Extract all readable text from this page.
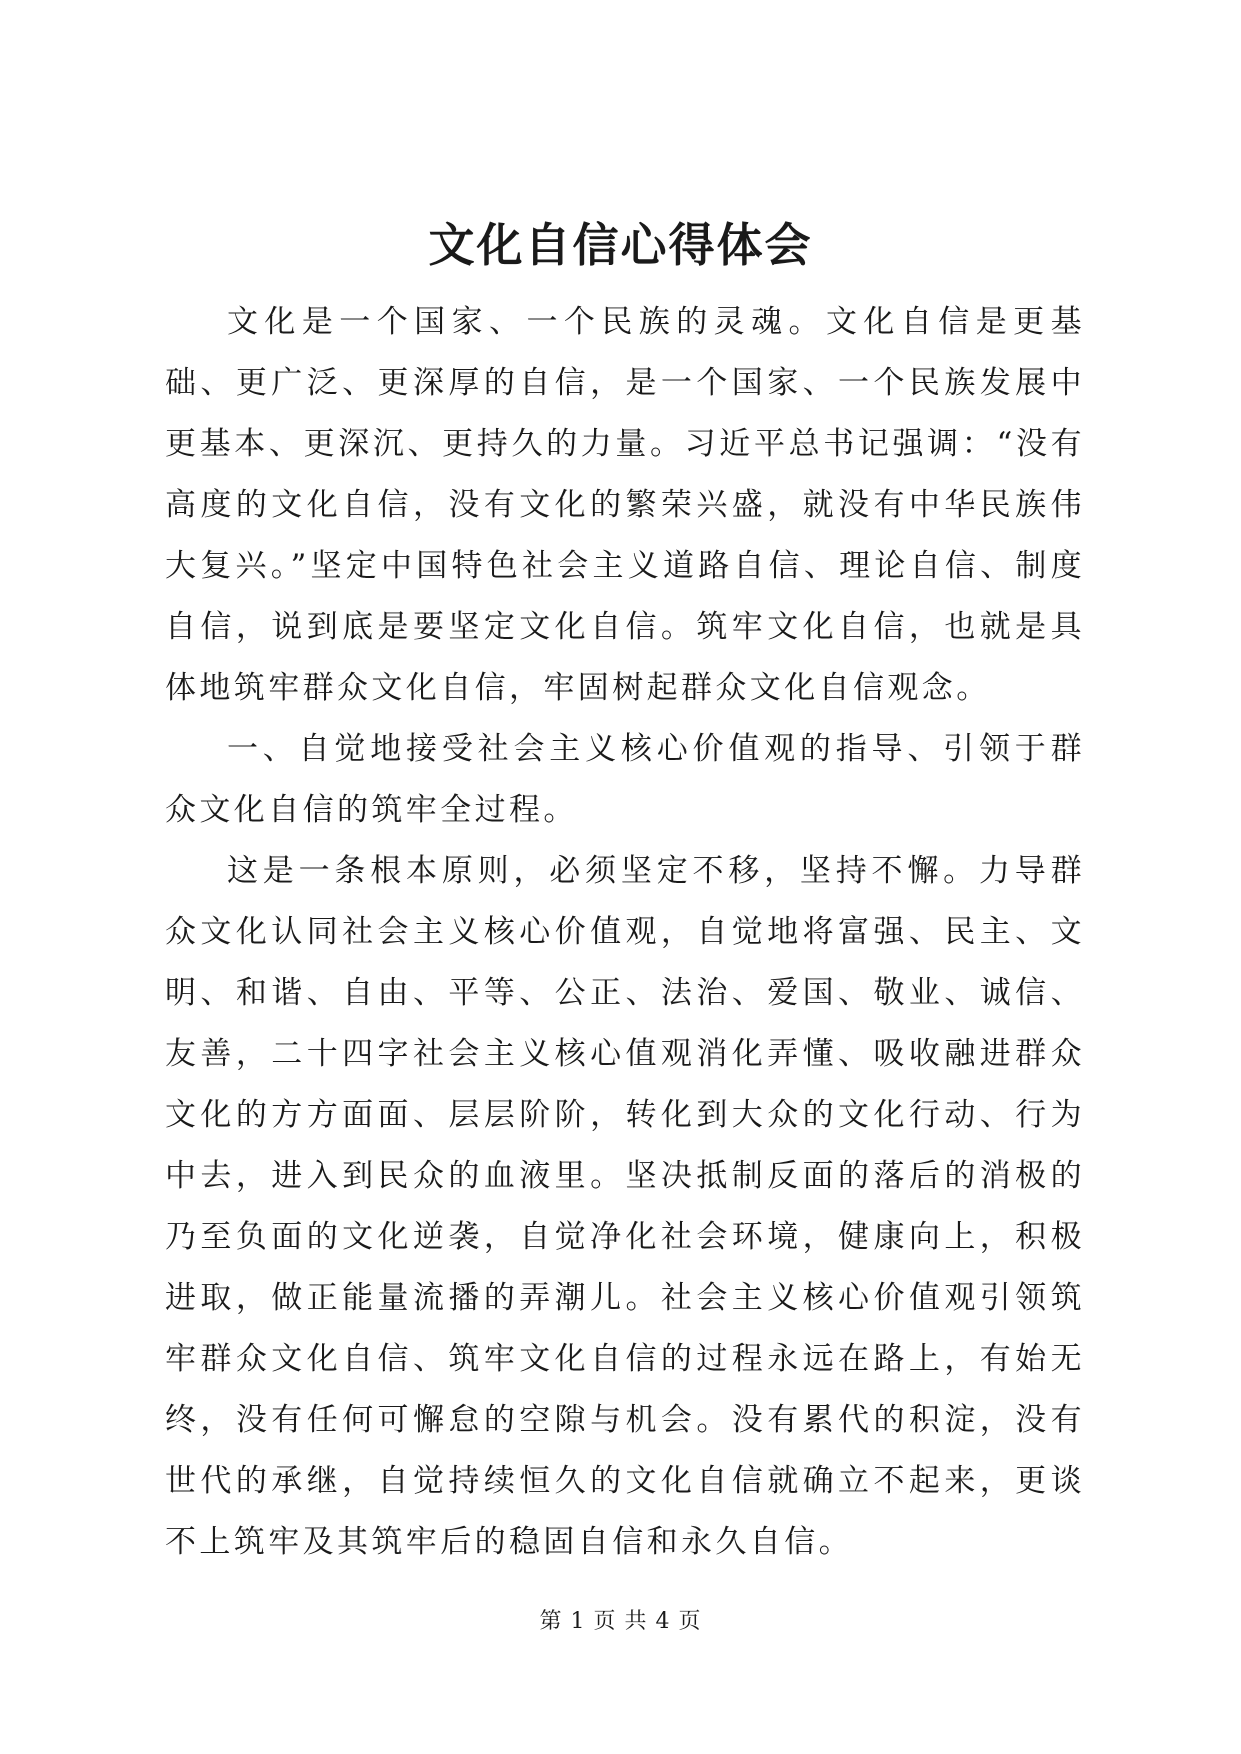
文化自信心得体会

文化是一个国家、一个民族的灵魂。文化自信是更基础、更广泛、更深厚的自信，是一个国家、一个民族发展中更基本、更深沉、更持久的力量。习近平总书记强调：“没有高度的文化自信，没有文化的繁荣兴盛，就没有中华民族伟大复兴。”坚定中国特色社会主义道路自信、理论自信、制度自信，说到底是要坚定文化自信。筑牢文化自信，也就是具体地筑牢群众文化自信，牢固树起群众文化自信观念。

一、自觉地接受社会主义核心价值观的指导、引领于群众文化自信的筑牢全过程。

这是一条根本原则，必须坚定不移，坚持不懈。力导群众文化认同社会主义核心价值观，自觉地将富强、民主、文明、和谐、自由、平等、公正、法治、爱国、敬业、诚信、友善，二十四字社会主义核心值观消化弄懂、吸收融进群众文化的方方面面、层层阶阶，转化到大众的文化行动、行为中去，进入到民众的血液里。坚决抵制反面的落后的消极的乃至负面的文化逆袭，自觉净化社会环境，健康向上，积极进取，做正能量流播的弄潮儿。社会主义核心价值观引领筑牢群众文化自信、筑牢文化自信的过程永远在路上，有始无终，没有任何可懈怠的空隙与机会。没有累代的积淀，没有世代的承继，自觉持续恒久的文化自信就确立不起来，更谈不上筑牢及其筑牢后的稳固自信和永久自信。

第 1 页 共 4 页
